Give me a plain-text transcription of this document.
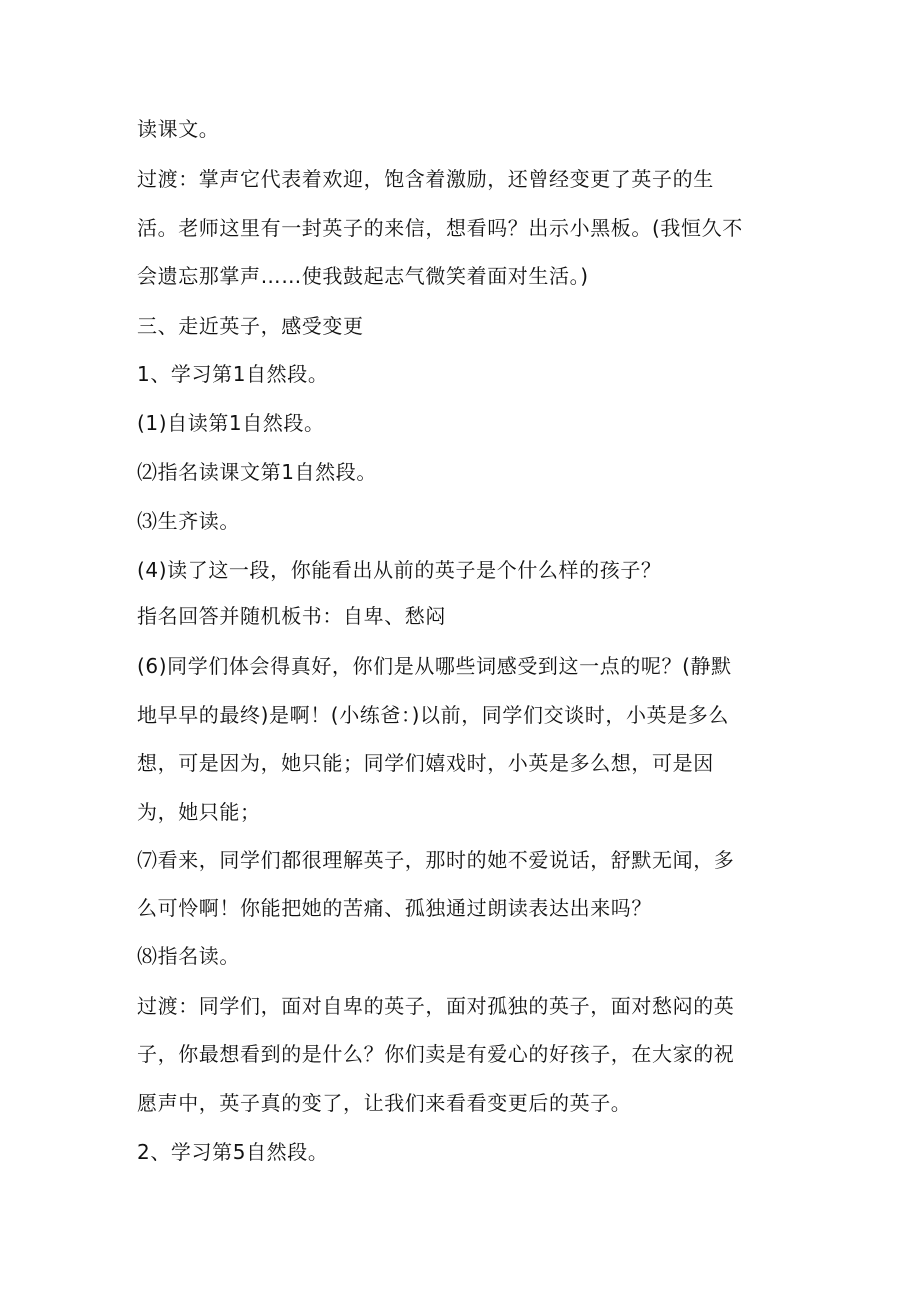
读课文。
过渡：掌声它代表着欢迎，饱含着激励，还曾经变更了英子的生
活。老师这里有一封英子的来信，想看吗？出示小黑板。(我恒久不
会遗忘那掌声……使我鼓起志气微笑着面对生活。)
三、走近英子，感受变更
1、学习第1自然段。
(1)自读第1自然段。
⑵指名读课文第1自然段。
⑶生齐读。
(4)读了这一段，你能看出从前的英子是个什么样的孩子？
指名回答并随机板书：自卑、愁闷
(6)同学们体会得真好，你们是从哪些词感受到这一点的呢？(静默
地早早的最终)是啊！(小练爸：)以前，同学们交谈时，小英是多么
想，可是因为，她只能；同学们嬉戏时，小英是多么想，可是因
为，她只能；
⑺看来，同学们都很理解英子，那时的她不爱说话，舒默无闻，多
么可怜啊！你能把她的苦痛、孤独通过朗读表达出来吗？
⑻指名读。
过渡：同学们，面对自卑的英子，面对孤独的英子，面对愁闷的英
子，你最想看到的是什么？你们卖是有爱心的好孩子，在大家的祝
愿声中，英子真的变了，让我们来看看变更后的英子。
2、学习第5自然段。
